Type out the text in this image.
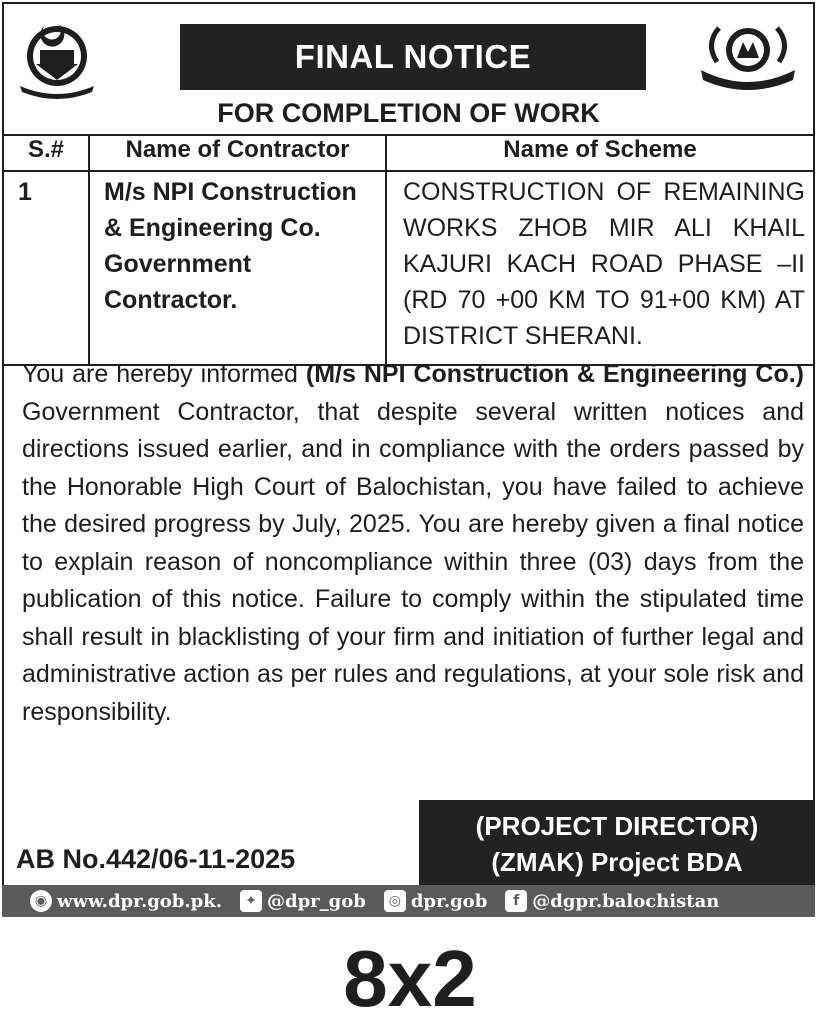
FINAL NOTICE
FOR COMPLETION OF WORK
S.#	Name of Contractor	Name of Scheme
1	M/s NPI Construction & Engineering Co. Government Contractor.	CONSTRUCTION OF REMAINING WORKS ZHOB MIR ALI KHAIL KAJURI KACH ROAD PHASE –II (RD 70 +00 KM TO 91+00 KM) AT DISTRICT SHERANI.

You are hereby informed (M/s NPI Construction & Engineering Co.) Government Contractor, that despite several written notices and directions issued earlier, and in compliance with the orders passed by the Honorable High Court of Balochistan, you have failed to achieve the desired progress by July, 2025. You are hereby given a final notice to explain reason of noncompliance within three (03) days from the publication of this notice. Failure to comply within the stipulated time shall result in blacklisting of your firm and initiation of further legal and administrative action as per rules and regulations, at your sole risk and responsibility.

AB No.442/06-11-2025
(PROJECT DIRECTOR)
(ZMAK) Project BDA
◉ www.dpr.gob.pk.	✦ @dpr_gob	◎ dpr.gob	f @dgpr.balochistan
8x2
